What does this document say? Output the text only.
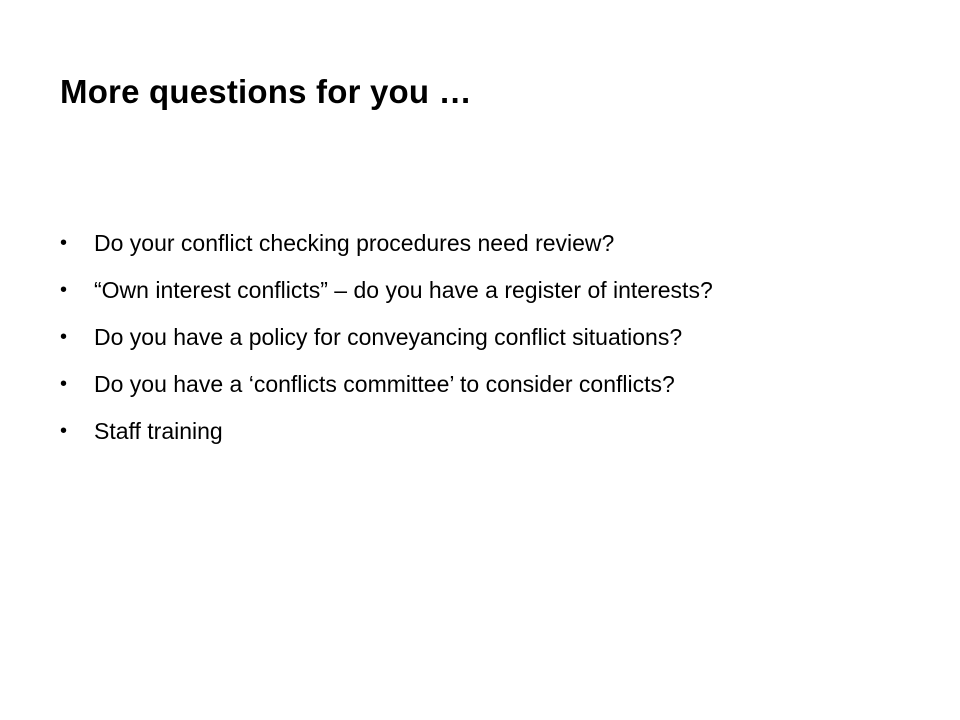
More questions for you …
• Do your conflict checking procedures need review?
• “Own interest conflicts” – do you have a register of interests?
• Do you have a policy for conveyancing conflict situations?
• Do you have a ‘conflicts committee’ to consider conflicts?
• Staff training
